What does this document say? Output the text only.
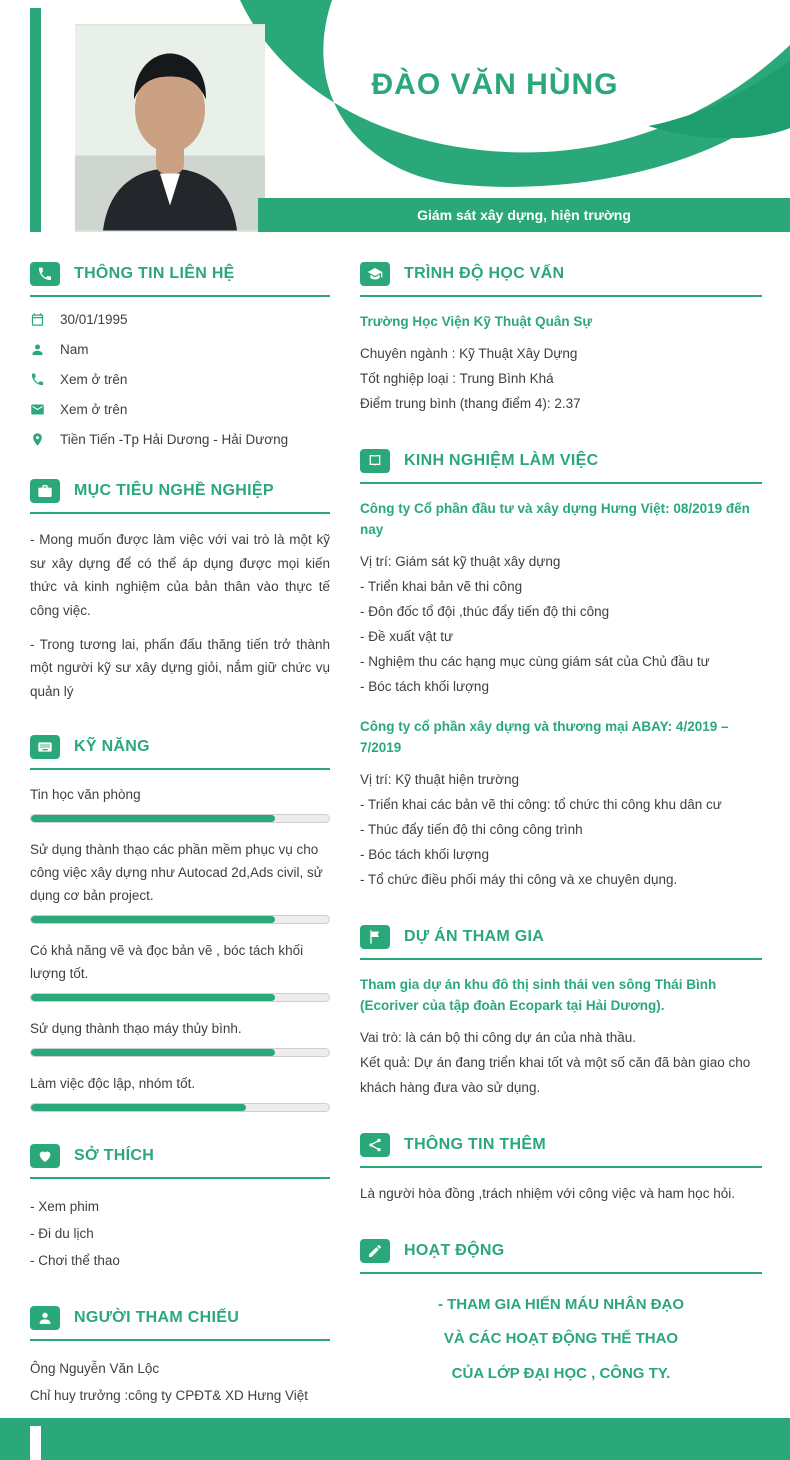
ĐÀO VĂN HÙNG
Giám sát xây dựng, hiện trường
THÔNG TIN LIÊN HỆ
30/01/1995
Nam
Xem ở trên
Xem ở trên
Tiền Tiến -Tp Hải Dương - Hải Dương
MỤC TIÊU NGHỀ NGHIỆP

- Mong muốn được làm việc với vai trò là một kỹ sư xây dựng để có thể áp dụng được mọi kiến thức và kinh nghiệm của bản thân vào thực tế công việc.

- Trong tương lai, phấn đấu thăng tiến trở thành một người kỹ sư xây dựng giỏi, nắm giữ chức vụ quản lý

KỸ NĂNG
Tin học văn phòng
Sử dụng thành thạo các phần mềm phục vụ cho công việc xây dựng như Autocad 2d,Ads civil, sử dụng cơ bản project.
Có khả năng vẽ và đọc bản vẽ , bóc tách khối lượng tốt.
Sử dụng thành thạo máy thủy bình.
Làm việc độc lập, nhóm tốt.
SỞ THÍCH
- Xem phim
- Đi du lịch
- Chơi thể thao
NGƯỜI THAM CHIẾU
Ông Nguyễn Văn Lộc
Chỉ huy trưởng :công ty CPĐT& XD Hưng Việt
TRÌNH ĐỘ HỌC VẤN
Trường Học Viện Kỹ Thuật Quân Sự
Chuyên ngành : Kỹ Thuật Xây Dựng
Tốt nghiệp loại : Trung Bình Khá
Điểm trung bình (thang điểm 4): 2.37
KINH NGHIỆM LÀM VIỆC
Công ty Cổ phần đầu tư và xây dựng Hưng Việt: 08/2019 đến nay
Vị trí: Giám sát kỹ thuật xây dựng
- Triển khai bản vẽ thi công
- Đôn đốc tổ đội ,thúc đẩy tiến độ thi công
- Đề xuất vật tư
- Nghiệm thu các hạng mục cùng giám sát của Chủ đầu tư
- Bóc tách khối lượng
Công ty cổ phần xây dựng và thương mại ABAY: 4/2019 – 7/2019
Vị trí: Kỹ thuật hiện trường
- Triển khai các bản vẽ thi công: tổ chức thi công khu dân cư
- Thúc đẩy tiến độ thi công công trình
- Bóc tách khối lượng
- Tổ chức điều phối máy thi công và xe chuyên dụng.
DỰ ÁN THAM GIA
Tham gia dự án khu đô thị sinh thái ven sông Thái Bình (Ecoriver của tập đoàn Ecopark tại Hải Dương).
Vai trò: là cán bộ thi công dự án của nhà thầu.
Kết quả: Dự án đang triển khai tốt và một số căn đã bàn giao cho khách hàng đưa vào sử dụng.
THÔNG TIN THÊM
Là người hòa đồng ,trách nhiệm với công việc và ham học hỏi.
HOẠT ĐỘNG
- THAM GIA HIẾN MÁU NHÂN ĐẠO
VÀ CÁC HOẠT ĐỘNG THỂ THAO
CỦA LỚP ĐẠI HỌC , CÔNG TY.
